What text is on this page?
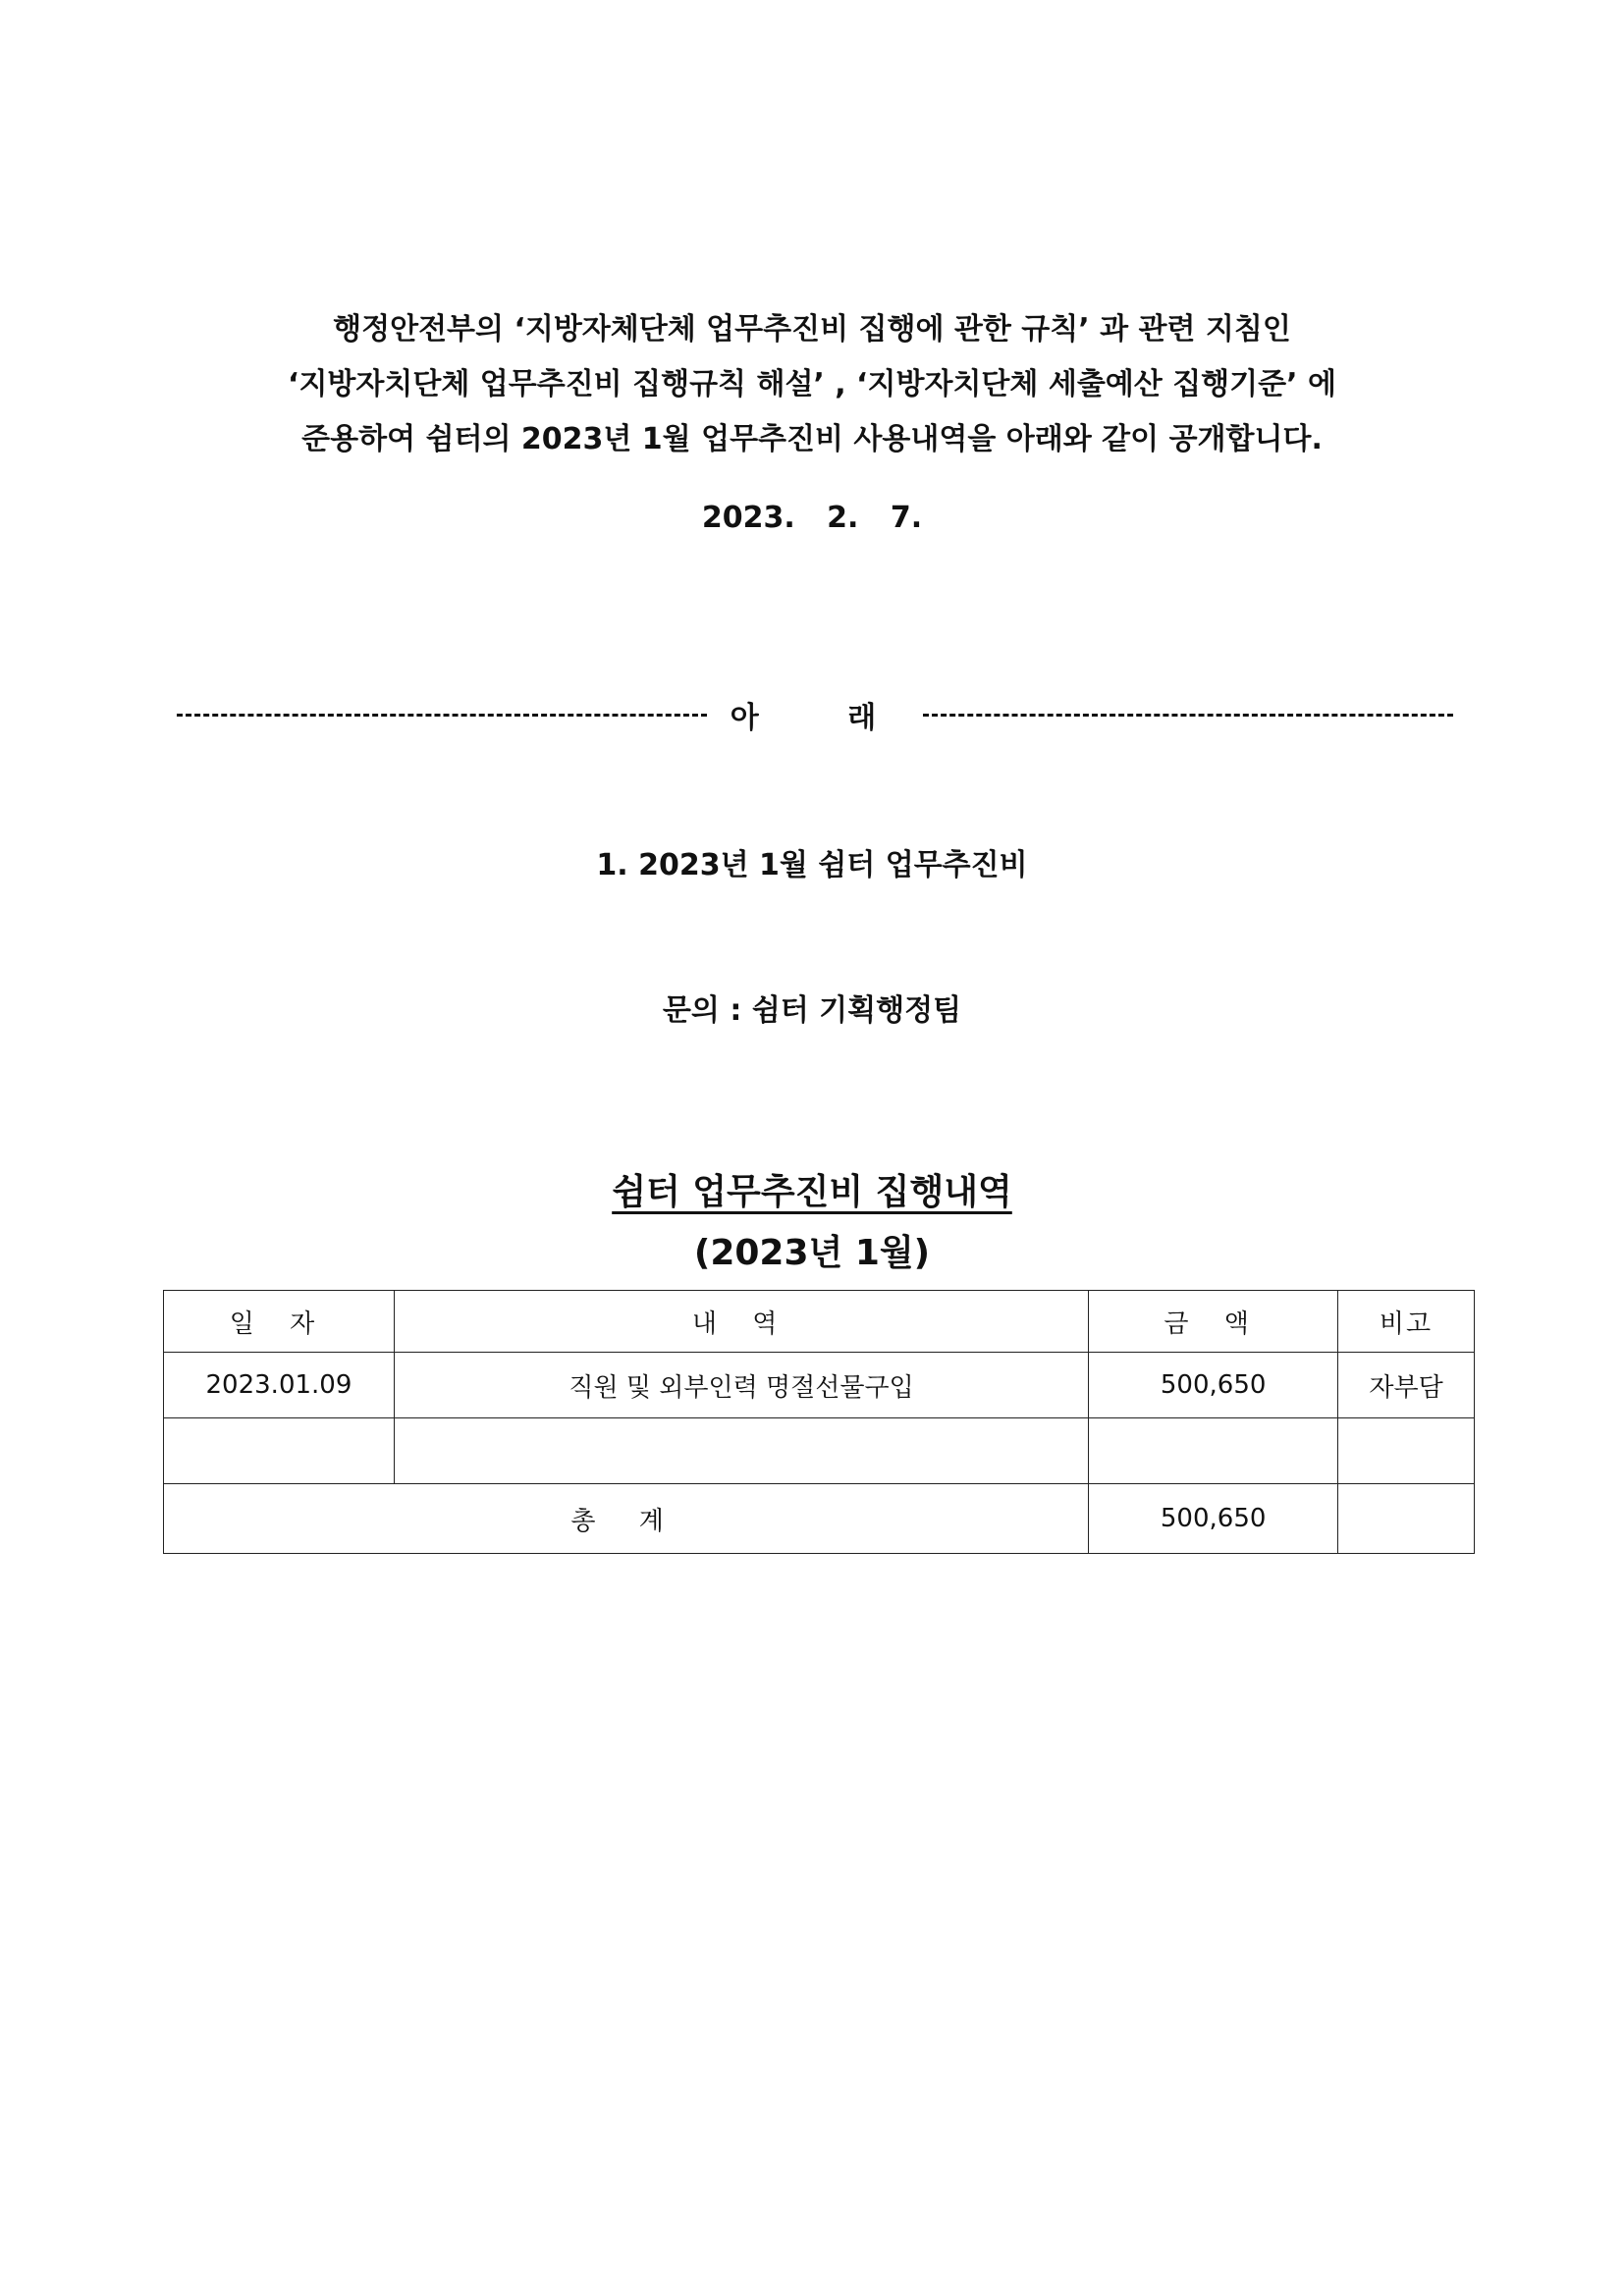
행정안전부의 ‘지방자체단체 업무추진비 집행에 관한 규칙’ 과 관련 지침인
‘지방자치단체 업무추진비 집행규칙 해설’ , ‘지방자치단체 세출예산 집행기준’ 에
준용하여 쉼터의 2023년 1월 업무추진비 사용내역을 아래와 같이 공개합니다.
2023. 2. 7.
아 래
1. 2023년 1월 쉼터 업무추진비
문의 : 쉼터 기획행정팀
쉼터 업무추진비 집행내역
(2023년 1월)
일 자	내 역	금 액	비고
2023.01.09	직원 및 외부인력 명절선물구입	500,650	자부담

총 계		500,650	
